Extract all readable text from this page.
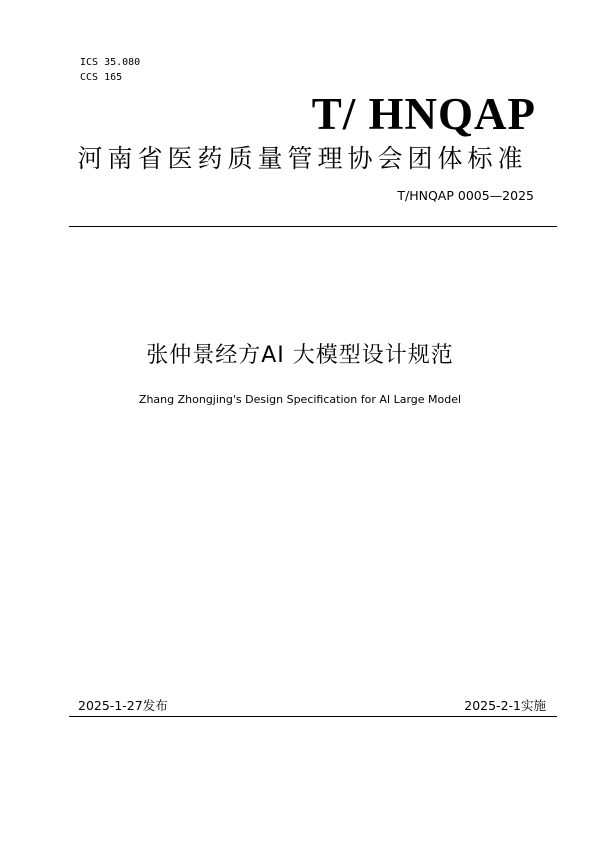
ICS 35.080
CCS 165
T/ HNQAP
河南省医药质量管理协会团体标准
T/HNQAP 0005—2025
张仲景经方AI 大模型设计规范
Zhang Zhongjing's Design Specification for AI Large Model
2025-1-27发布	2025-2-1实施
